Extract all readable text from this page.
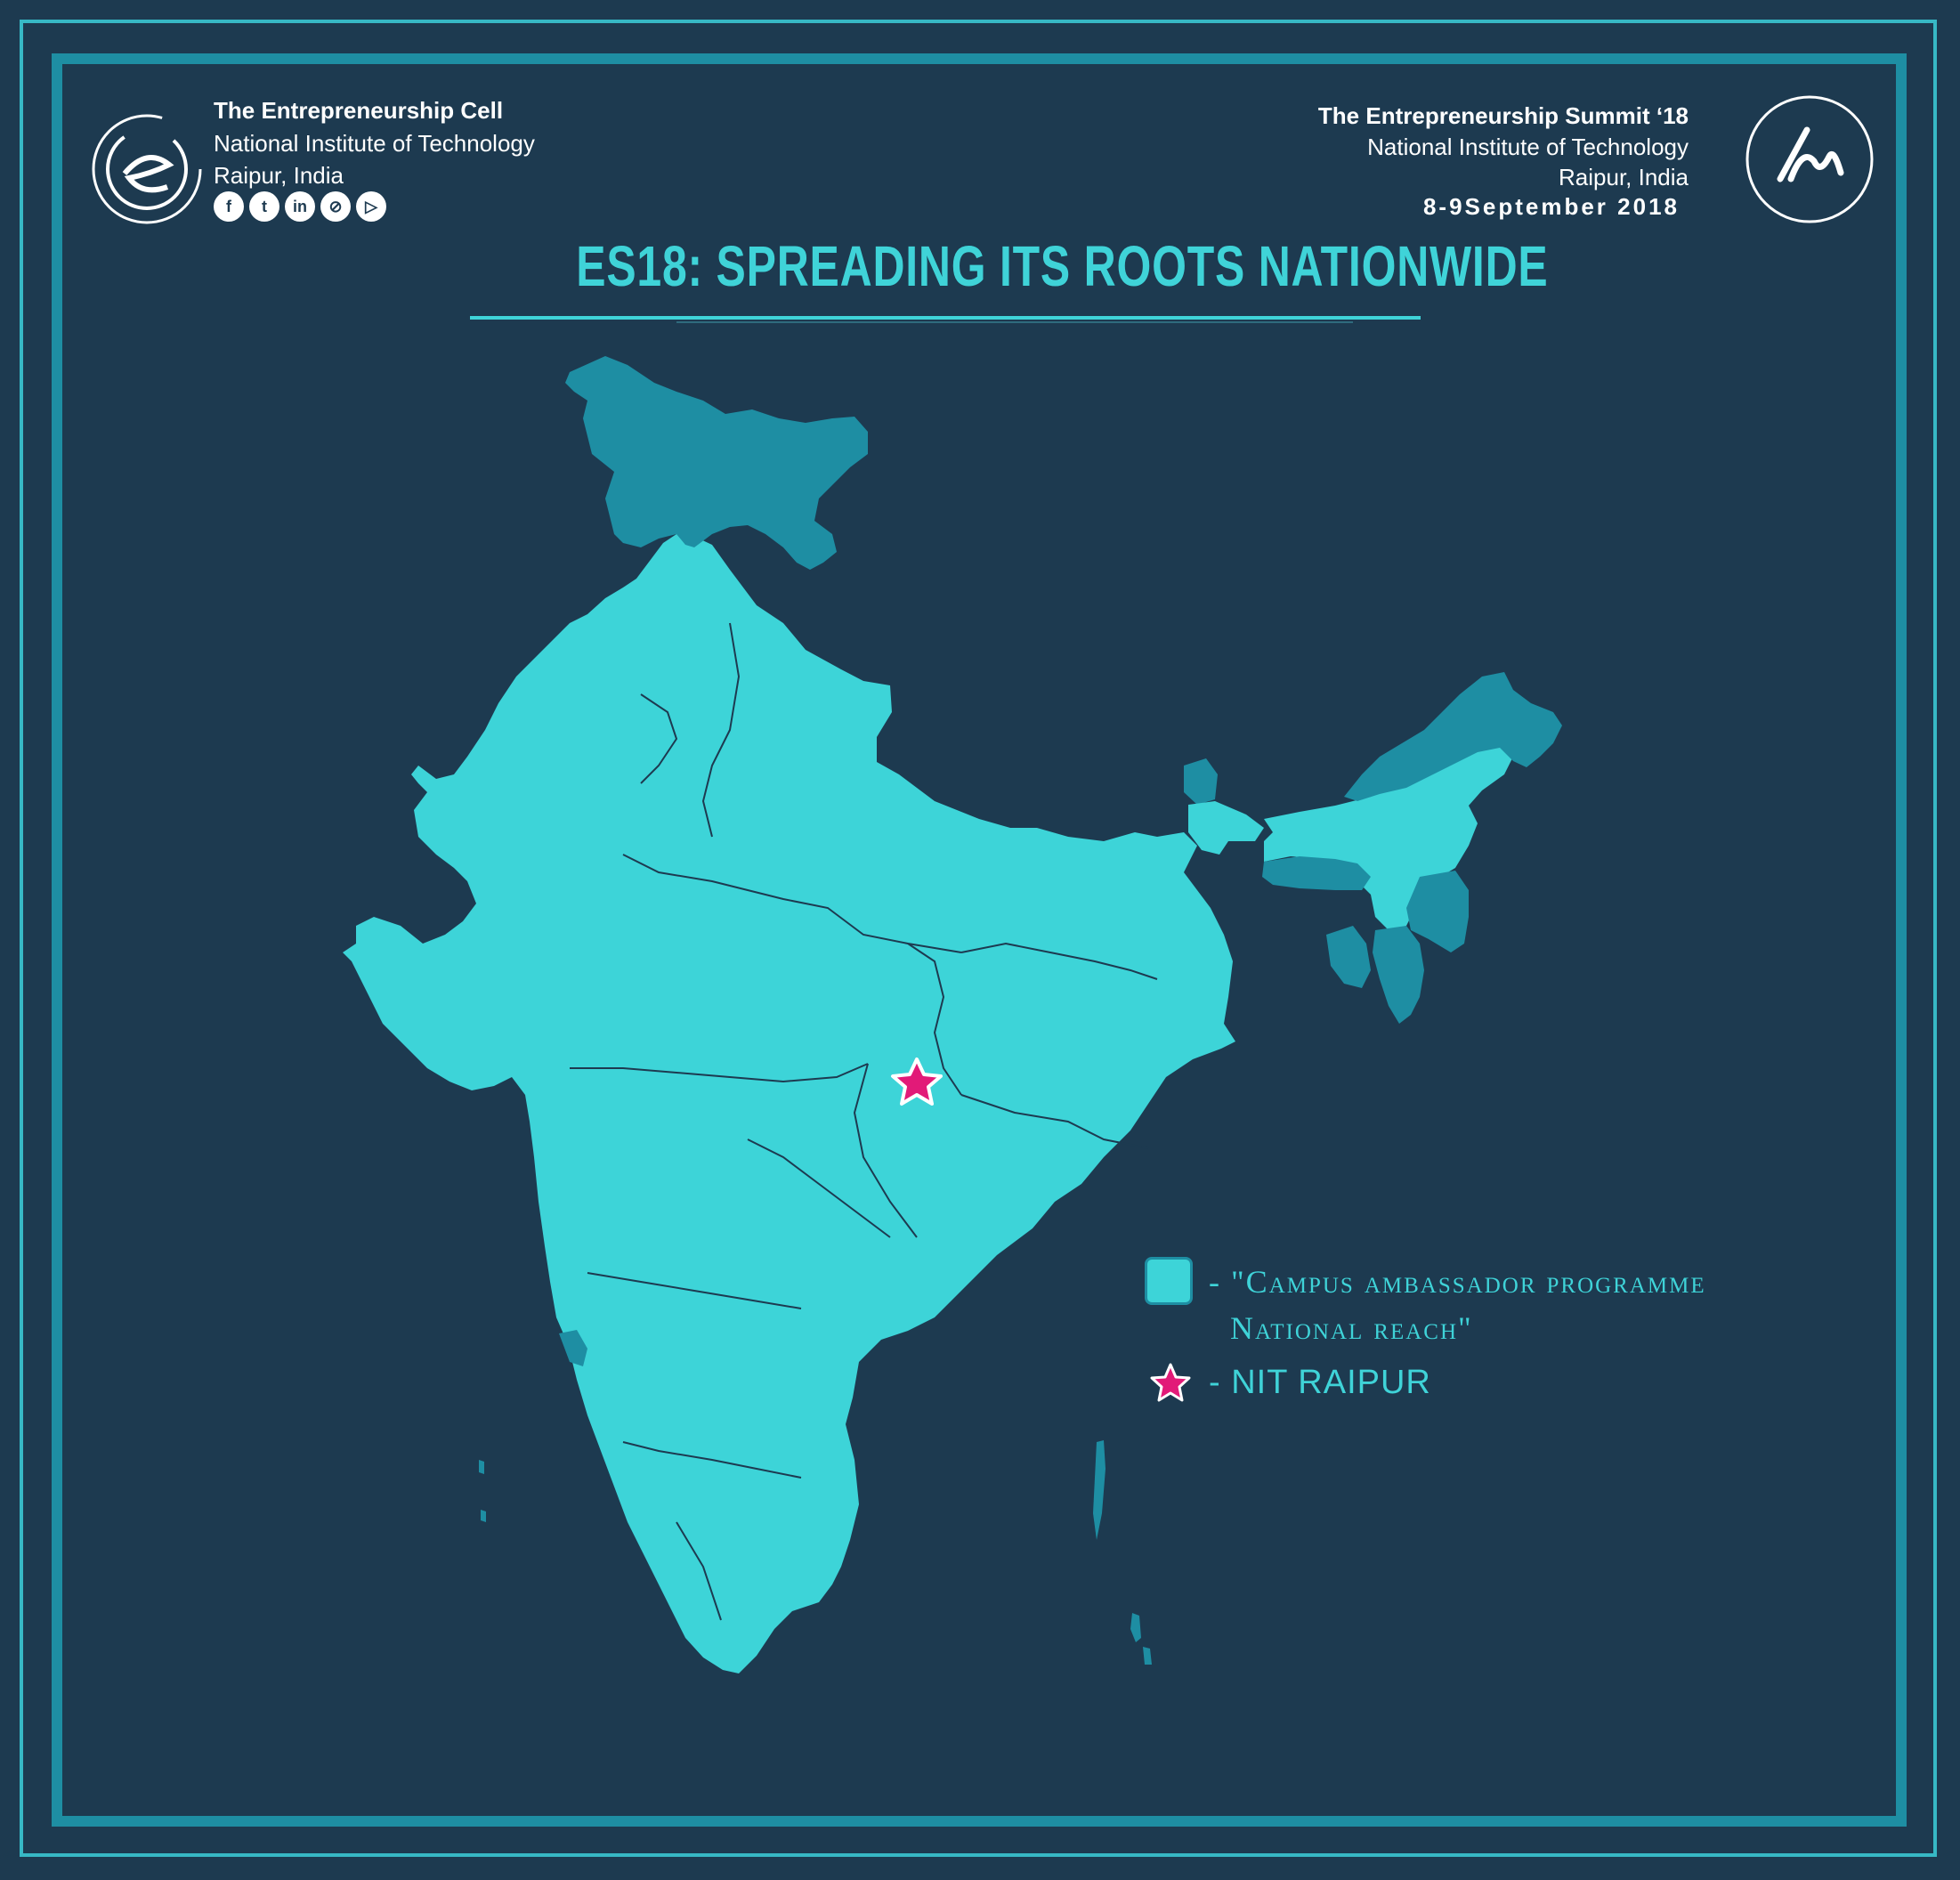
The Entrepreneurship Cell
National Institute of Technology
Raipur, India
f	t	in	⊘	▷
The Entrepreneurship Summit ‘18
National Institute of Technology
Raipur, India
8-9September 2018
ES18: SPREADING ITS ROOTS NATIONWIDE
- "Campus ambassador programme
National reach"
- NIT RAIPUR
